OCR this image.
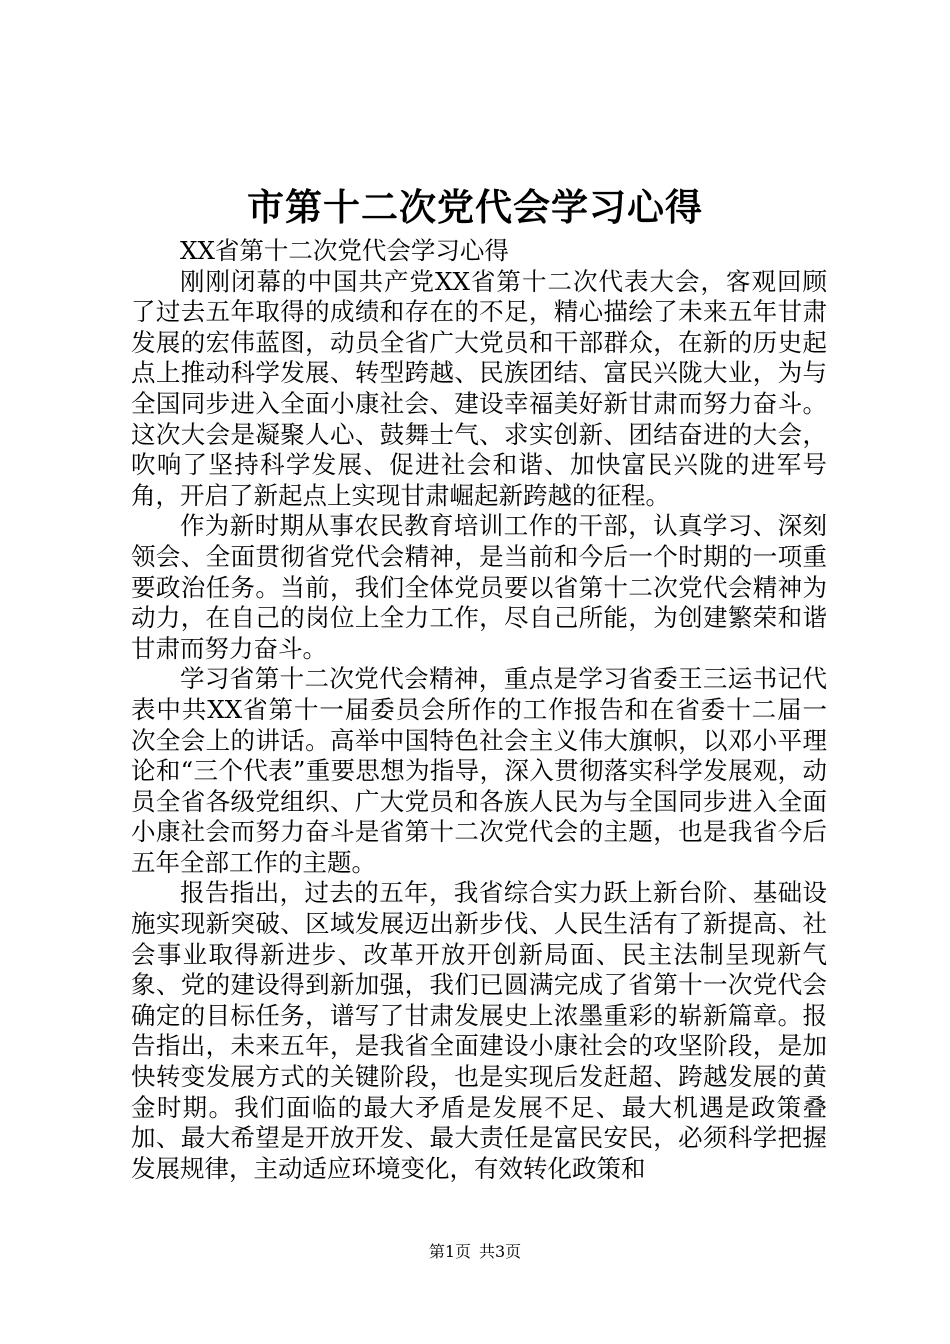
市第十二次党代会学习心得

XX省第十二次党代会学习心得

刚刚闭幕的中国共产党XX省第十二次代表大会，客观回顾了过去五年取得的成绩和存在的不足，精心描绘了未来五年甘肃发展的宏伟蓝图，动员全省广大党员和干部群众，在新的历史起点上推动科学发展、转型跨越、民族团结、富民兴陇大业，为与全国同步进入全面小康社会、建设幸福美好新甘肃而努力奋斗。这次大会是凝聚人心、鼓舞士气、求实创新、团结奋进的大会，吹响了坚持科学发展、促进社会和谐、加快富民兴陇的进军号角，开启了新起点上实现甘肃崛起新跨越的征程。

作为新时期从事农民教育培训工作的干部，认真学习、深刻领会、全面贯彻省党代会精神，是当前和今后一个时期的一项重要政治任务。当前，我们全体党员要以省第十二次党代会精神为动力，在自己的岗位上全力工作，尽自己所能，为创建繁荣和谐甘肃而努力奋斗。

学习省第十二次党代会精神，重点是学习省委王三运书记代表中共XX省第十一届委员会所作的工作报告和在省委十二届一次全会上的讲话。高举中国特色社会主义伟大旗帜，以邓小平理论和“三个代表”重要思想为指导，深入贯彻落实科学发展观，动员全省各级党组织、广大党员和各族人民为与全国同步进入全面小康社会而努力奋斗是省第十二次党代会的主题，也是我省今后五年全部工作的主题。

报告指出，过去的五年，我省综合实力跃上新台阶、基础设施实现新突破、区域发展迈出新步伐、人民生活有了新提高、社会事业取得新进步、改革开放开创新局面、民主法制呈现新气象、党的建设得到新加强，我们已圆满完成了省第十一次党代会确定的目标任务，谱写了甘肃发展史上浓墨重彩的崭新篇章。报告指出，未来五年，是我省全面建设小康社会的攻坚阶段，是加快转变发展方式的关键阶段，也是实现后发赶超、跨越发展的黄金时期。我们面临的最大矛盾是发展不足、最大机遇是政策叠加、最大希望是开放开发、最大责任是富民安民，必须科学把握发展规律，主动适应环境变化，有效转化政策和

第1页 共3页
